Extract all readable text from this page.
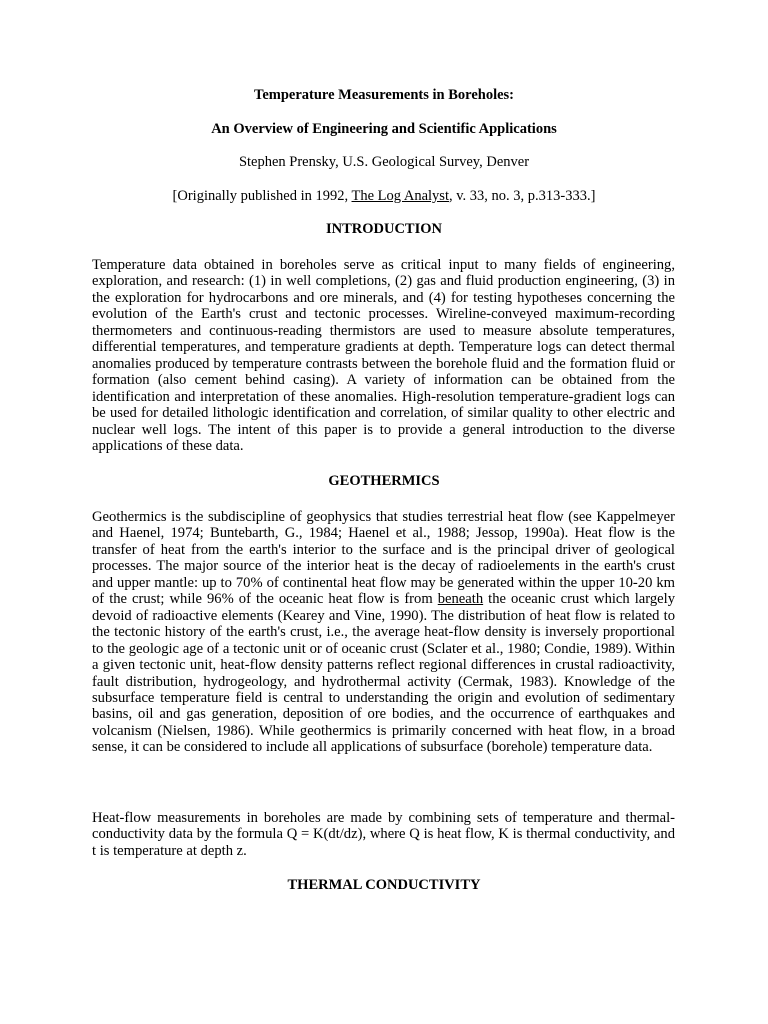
Temperature Measurements in Boreholes:
An Overview of Engineering and Scientific Applications
Stephen Prensky, U.S. Geological Survey, Denver
[Originally published in 1992, The Log Analyst, v. 33, no. 3, p.313-333.]
INTRODUCTION
Temperature data obtained in boreholes serve as critical input to many fields of engineering, exploration, and research: (1) in well completions, (2) gas and fluid production engineering, (3) in the exploration for hydrocarbons and ore minerals, and (4) for testing hypotheses concerning the evolution of the Earth's crust and tectonic processes. Wireline-conveyed maximum-recording thermometers and continuous-reading thermistors are used to measure absolute temperatures, differential temperatures, and temperature gradients at depth. Temperature logs can detect thermal anomalies produced by temperature contrasts between the borehole fluid and the formation fluid or formation (also cement behind casing). A variety of information can be obtained from the identification and interpretation of these anomalies. High-resolution temperature-gradient logs can be used for detailed lithologic identification and correlation, of similar quality to other electric and nuclear well logs. The intent of this paper is to provide a general introduction to the diverse applications of these data.
GEOTHERMICS
Geothermics is the subdiscipline of geophysics that studies terrestrial heat flow (see Kappelmeyer and Haenel, 1974; Buntebarth, G., 1984; Haenel et al., 1988; Jessop, 1990a). Heat flow is the transfer of heat from the earth's interior to the surface and is the principal driver of geological processes. The major source of the interior heat is the decay of radioelements in the earth's crust and upper mantle: up to 70% of continental heat flow may be generated within the upper 10-20 km of the crust; while 96% of the oceanic heat flow is from beneath the oceanic crust which largely devoid of radioactive elements (Kearey and Vine, 1990). The distribution of heat flow is related to the tectonic history of the earth's crust, i.e., the average heat-flow density is inversely proportional to the geologic age of a tectonic unit or of oceanic crust (Sclater et al., 1980; Condie, 1989). Within a given tectonic unit, heat-flow density patterns reflect regional differences in crustal radioactivity, fault distribution, hydrogeology, and hydrothermal activity (Cermak, 1983). Knowledge of the subsurface temperature field is central to understanding the origin and evolution of sedimentary basins, oil and gas generation, deposition of ore bodies, and the occurrence of earthquakes and volcanism (Nielsen, 1986). While geothermics is primarily concerned with heat flow, in a broad sense, it can be considered to include all applications of subsurface (borehole) temperature data.
Heat-flow measurements in boreholes are made by combining sets of temperature and thermal-conductivity data by the formula Q = K(dt/dz), where Q is heat flow, K is thermal conductivity, and t is temperature at depth z.
THERMAL CONDUCTIVITY
